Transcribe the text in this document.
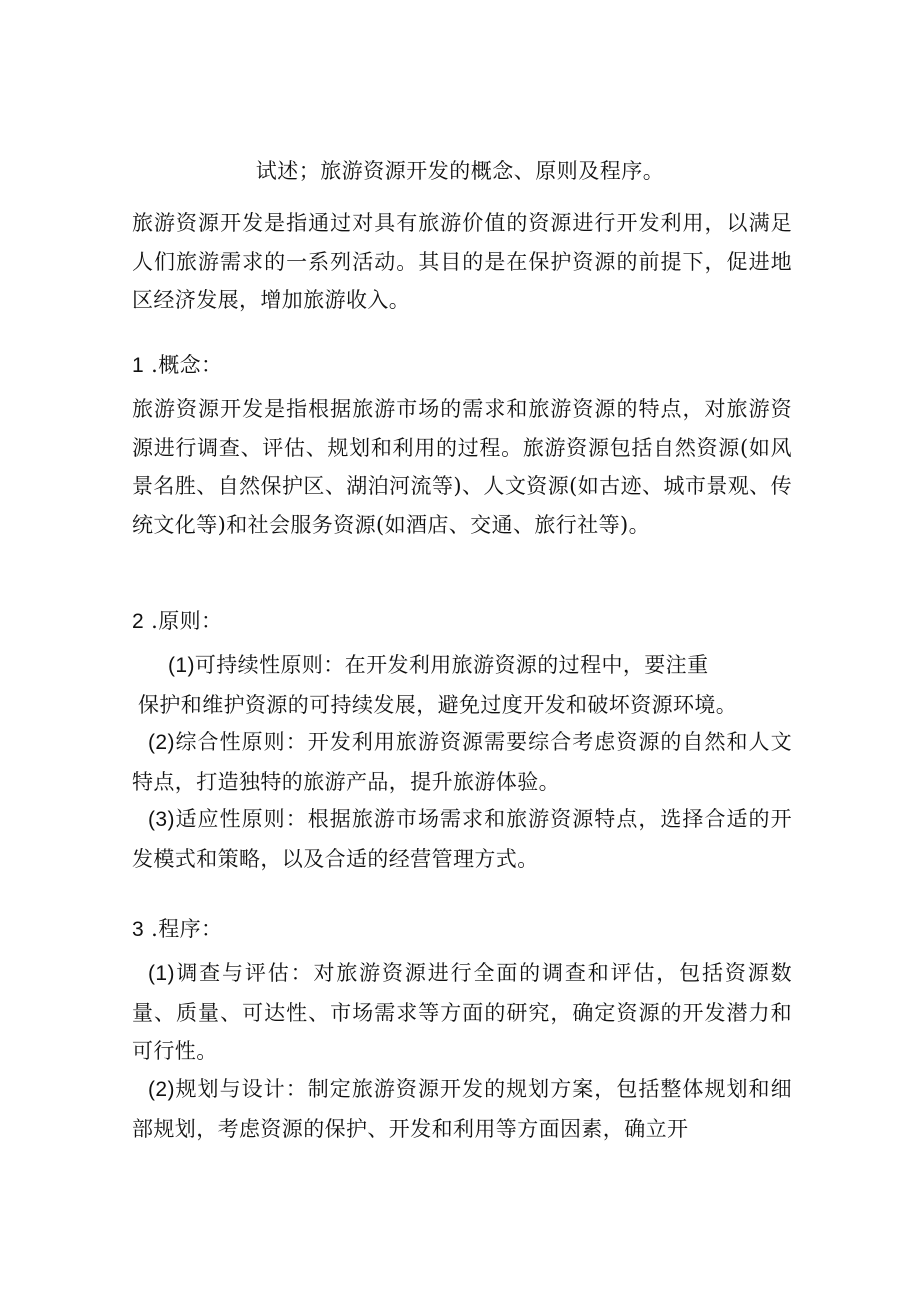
试述；旅游资源开发的概念、原则及程序。
旅游资源开发是指通过对具有旅游价值的资源进行开发利用，以满足人们旅游需求的一系列活动。其目的是在保护资源的前提下，促进地区经济发展，增加旅游收入。
1 .概念：
旅游资源开发是指根据旅游市场的需求和旅游资源的特点，对旅游资源进行调查、评估、规划和利用的过程。旅游资源包括自然资源(如风景名胜、自然保护区、湖泊河流等)、人文资源(如古迹、城市景观、传统文化等)和社会服务资源(如酒店、交通、旅行社等)。
2 .原则：
(1)可持续性原则：在开发利用旅游资源的过程中，要注重
保护和维护资源的可持续发展，避免过度开发和破坏资源环境。
(2)综合性原则：开发利用旅游资源需要综合考虑资源的自然和人文特点，打造独特的旅游产品，提升旅游体验。
(3)适应性原则：根据旅游市场需求和旅游资源特点，选择合适的开发模式和策略，以及合适的经营管理方式。
3 .程序：
(1)调查与评估：对旅游资源进行全面的调查和评估，包括资源数量、质量、可达性、市场需求等方面的研究，确定资源的开发潜力和可行性。
(2)规划与设计：制定旅游资源开发的规划方案，包括整体规划和细部规划，考虑资源的保护、开发和利用等方面因素，确立开
